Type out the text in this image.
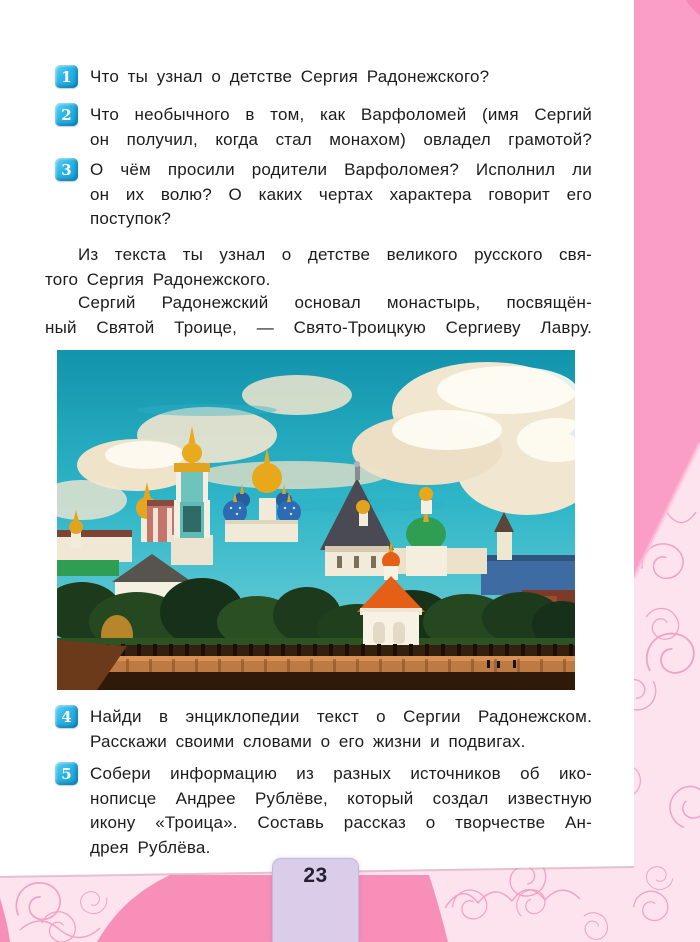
1 Что ты узнал о детстве Сергия Радонежского?
2 Что необычного в том, как Варфоломей (имя Сергий
он получил, когда стал монахом) овладел грамотой?
3 О чём просили родители Варфоломея? Исполнил ли
он их волю? О каких чертах характера говорит его
поступок?
Из текста ты узнал о детстве великого русского свя-
того Сергия Радонежского.
Сергий Радонежский основал монастырь, посвящён-
ный Святой Троице, — Свято-Троицкую Сергиеву Лавру.
4 Найди в энциклопедии текст о Сергии Радонежском.
Расскажи своими словами о его жизни и подвигах.
5 Собери информацию из разных источников об ико-
нописце Андрее Рублёве, который создал известную
икону «Троица». Составь рассказ о творчестве Ан-
дрея Рублёва.
23
